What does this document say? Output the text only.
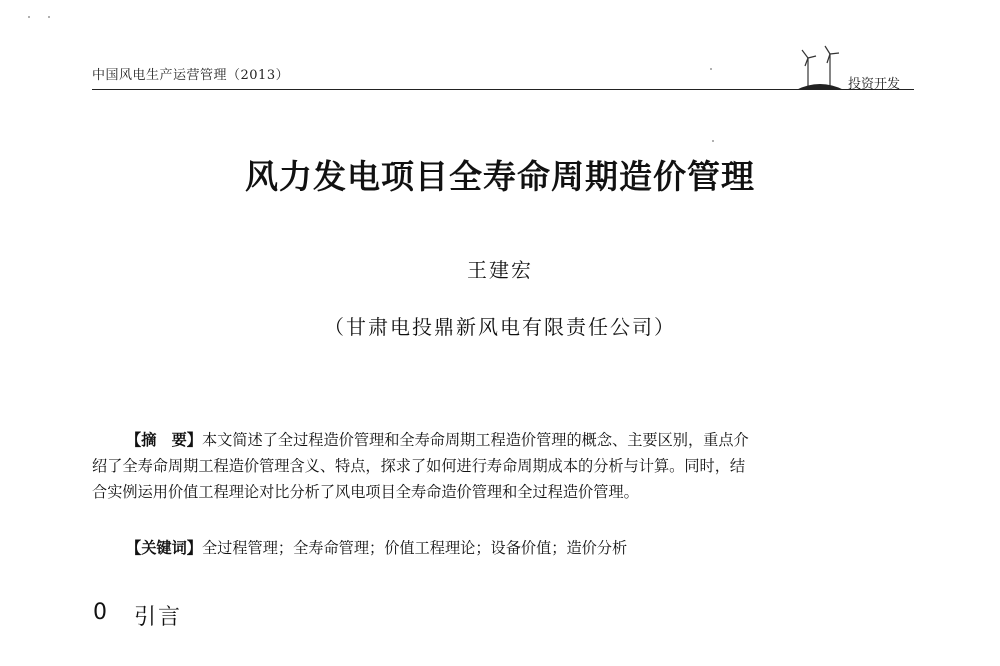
中国风电生产运营管理（2013）
投资开发
风力发电项目全寿命周期造价管理
王建宏
（甘肃电投鼎新风电有限责任公司）
【摘　要】本文简述了全过程造价管理和全寿命周期工程造价管理的概念、主要区别，重点介
绍了全寿命周期工程造价管理含义、特点，探求了如何进行寿命周期成本的分析与计算。同时，结
合实例运用价值工程理论对比分析了风电项目全寿命造价管理和全过程造价管理。
【关键词】全过程管理；全寿命管理；价值工程理论；设备价值；造价分析
0 引言
